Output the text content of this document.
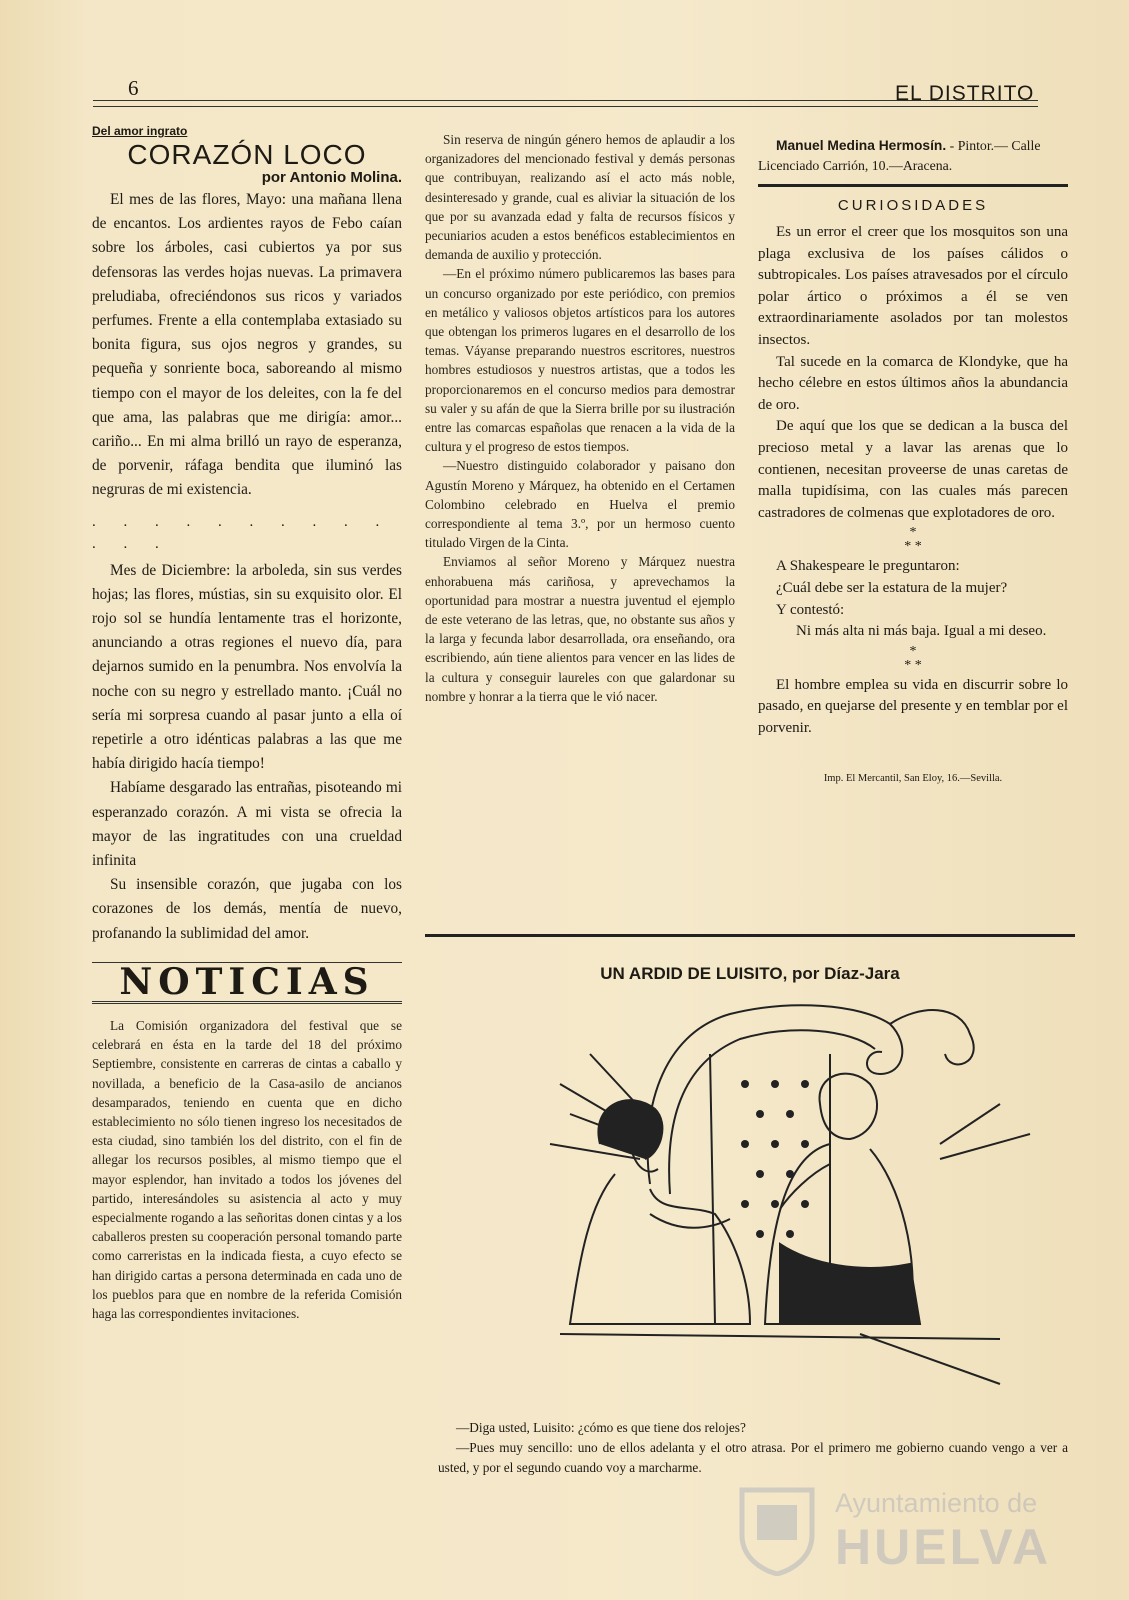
6	EL DISTRITO
Del amor ingrato
CORAZÓN LOCO
por Antonio Molina.

El mes de las flores, Mayo: una mañana llena de encantos. Los ardientes rayos de Febo caían sobre los árboles, casi cubiertos ya por sus defensoras las verdes hojas nuevas. La primavera preludiaba, ofreciéndonos sus ricos y variados perfumes. Frente a ella contemplaba extasiado su bonita figura, sus ojos negros y grandes, su pequeña y sonriente boca, saboreando al mismo tiempo con el mayor de los deleites, con la fe del que ama, las palabras que me dirigía: amor... cariño... En mi alma brilló un rayo de esperanza, de porvenir, ráfaga bendita que iluminó las negruras de mi existencia.

. . . . . . . . . . . . .

Mes de Diciembre: la arboleda, sin sus verdes hojas; las flores, mústias, sin su exquisito olor. El rojo sol se hundía lentamente tras el horizonte, anunciando a otras regiones el nuevo día, para dejarnos sumido en la penumbra. Nos envolvía la noche con su negro y estrellado manto. ¡Cuál no sería mi sorpresa cuando al pasar junto a ella oí repetirle a otro idénticas palabras a las que me había dirigido hacía tiempo!

Habíame desgarado las entrañas, pisoteando mi esperanzado corazón. A mi vista se ofrecia la mayor de las ingratitudes con una crueldad infinita

Su insensible corazón, que jugaba con los corazones de los demás, mentía de nuevo, profanando la sublimidad del amor.

NOTICIAS

La Comisión organizadora del festival que se celebrará en ésta en la tarde del 18 del próximo Septiembre, consistente en carreras de cintas a caballo y novillada, a beneficio de la Casa-asilo de ancianos desamparados, teniendo en cuenta que en dicho establecimiento no sólo tienen ingreso los necesitados de esta ciudad, sino también los del distrito, con el fin de allegar los recursos posibles, al mismo tiempo que el mayor esplendor, han invitado a todos los jóvenes del partido, interesándoles su asistencia al acto y muy especialmente rogando a las señoritas donen cintas y a los caballeros presten su cooperación personal tomando parte como carreristas en la indicada fiesta, a cuyo efecto se han dirigido cartas a persona determinada en cada uno de los pueblos para que en nombre de la referida Comisión haga las correspondientes invitaciones.

Sin reserva de ningún género hemos de aplaudir a los organizadores del mencionado festival y demás personas que contribuyan, realizando así el acto más noble, desinteresado y grande, cual es aliviar la situación de los que por su avanzada edad y falta de recursos físicos y pecuniarios acuden a estos benéficos establecimientos en demanda de auxilio y protección.

—En el próximo número publicaremos las bases para un concurso organizado por este periódico, con premios en metálico y valiosos objetos artísticos para los autores que obtengan los primeros lugares en el desarrollo de los temas. Váyanse preparando nuestros escritores, nuestros hombres estudiosos y nuestros artistas, que a todos les proporcionaremos en el concurso medios para demostrar su valer y su afán de que la Sierra brille por su ilustración entre las comarcas españolas que renacen a la vida de la cultura y el progreso de estos tiempos.

—Nuestro distinguido colaborador y paisano don Agustín Moreno y Márquez, ha obtenido en el Certamen Colombino celebrado en Huelva el premio correspondiente al tema 3.º, por un hermoso cuento titulado Virgen de la Cinta.

Enviamos al señor Moreno y Márquez nuestra enhorabuena más cariñosa, y aprevechamos la oportunidad para mostrar a nuestra juventud el ejemplo de este veterano de las letras, que, no obstante sus años y la larga y fecunda labor desarrollada, ora enseñando, ora escribiendo, aún tiene alientos para vencer en las lides de la cultura y conseguir laureles con que galardonar su nombre y honrar a la tierra que le vió nacer.

Manuel Medina Hermosín. - Pintor.— Calle Licenciado Carrión, 10.—Aracena.

CURIOSIDADES

Es un error el creer que los mosquitos son una plaga exclusiva de los países cálidos o subtropicales. Los países atravesados por el círculo polar ártico o próximos a él se ven extraordinariamente asolados por tan molestos insectos.

Tal sucede en la comarca de Klondyke, que ha hecho célebre en estos últimos años la abundancia de oro.

De aquí que los que se dedican a la busca del precioso metal y a lavar las arenas que lo contienen, necesitan proveerse de unas caretas de malla tupidísima, con las cuales más parecen castradores de colmenas que explotadores de oro.

*
* *

A Shakespeare le preguntaron:

¿Cuál debe ser la estatura de la mujer?

Y contestó:

Ni más alta ni más baja. Igual a mi deseo.

*
* *

El hombre emplea su vida en discurrir sobre lo pasado, en quejarse del presente y en temblar por el porvenir.

Imp. El Mercantil, San Eloy, 16.—Sevilla.
UN ARDID DE LUISITO, por Díaz-Jara

—Diga usted, Luisito: ¿cómo es que tiene dos relojes?

—Pues muy sencillo: uno de ellos adelanta y el otro atrasa. Por el primero me gobierno cuando vengo a ver a usted, y por el segundo cuando voy a marcharme.

Ayuntamiento de
HUELVA
